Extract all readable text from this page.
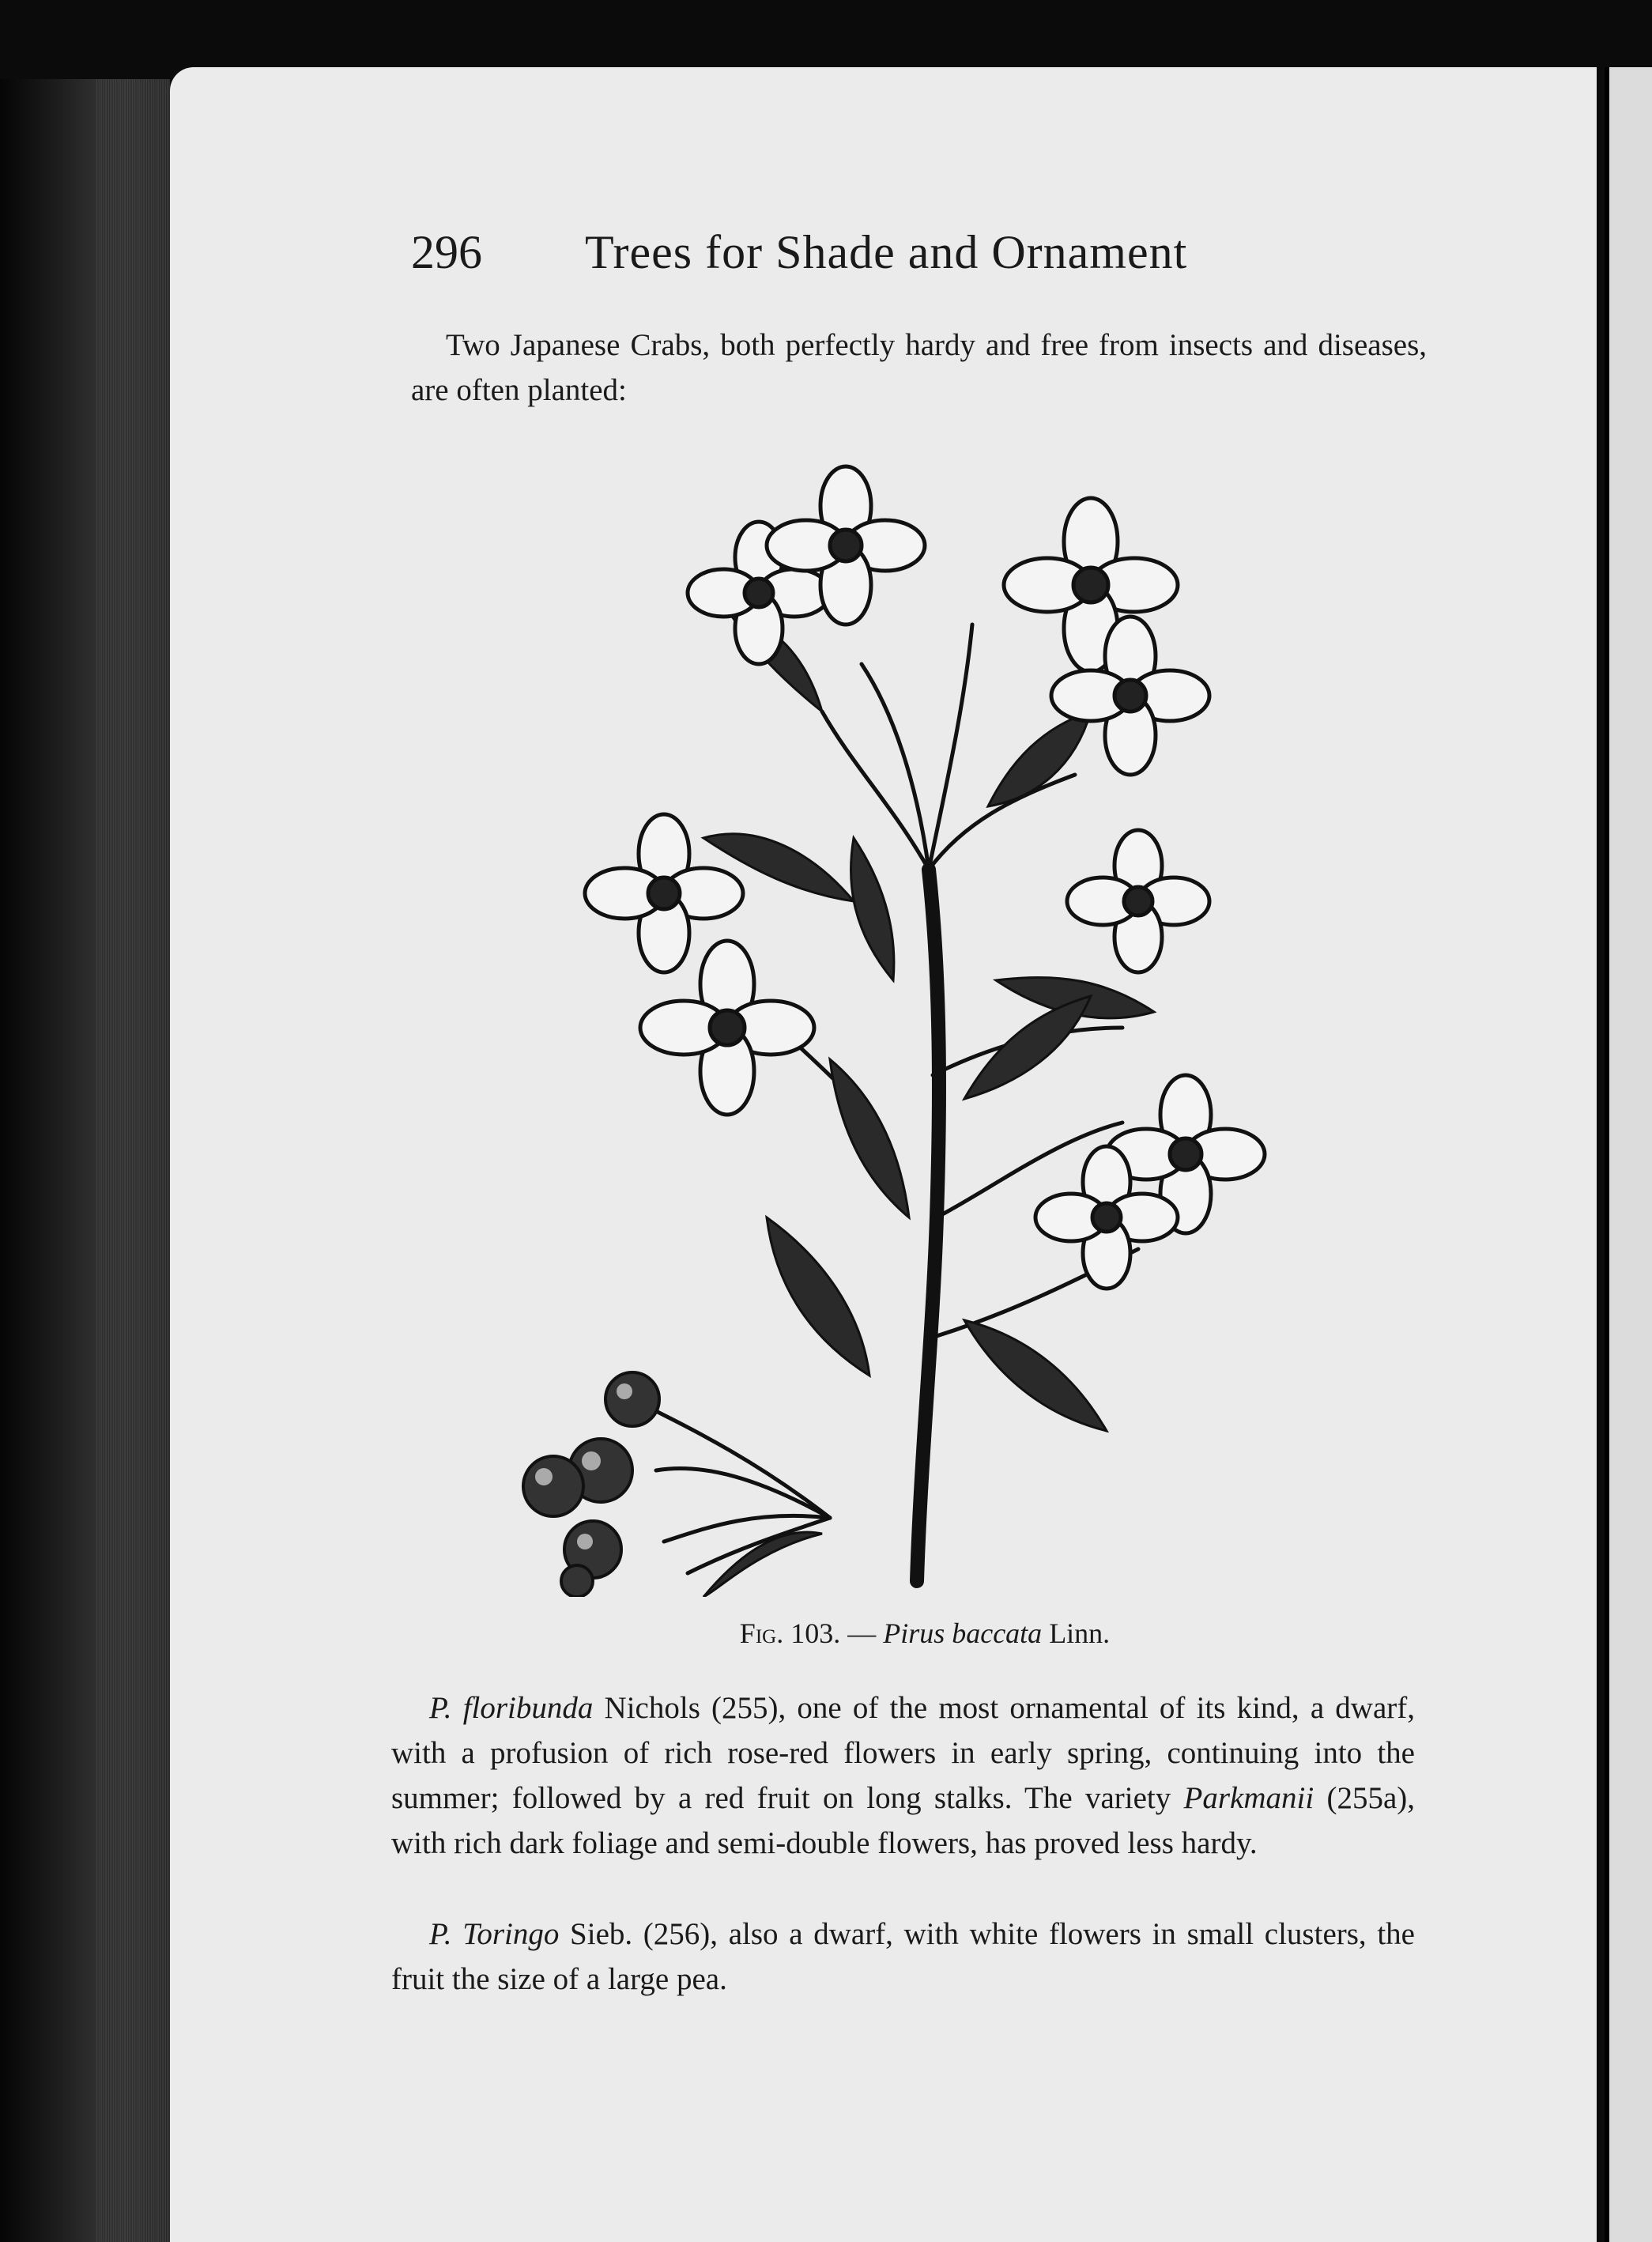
296 Trees for Shade and Ornament
Two Japanese Crabs, both perfectly hardy and free from insects and diseases, are often planted:
Fig. 103. — Pirus baccata Linn.
P. floribunda Nichols (255), one of the most ornamental of its kind, a dwarf, with a profusion of rich rose-red flowers in early spring, continuing into the summer; followed by a red fruit on long stalks. The variety Parkmanii (255a), with rich dark foliage and semi-double flowers, has proved less hardy.
P. Toringo Sieb. (256), also a dwarf, with white flowers in small clusters, the fruit the size of a large pea.
